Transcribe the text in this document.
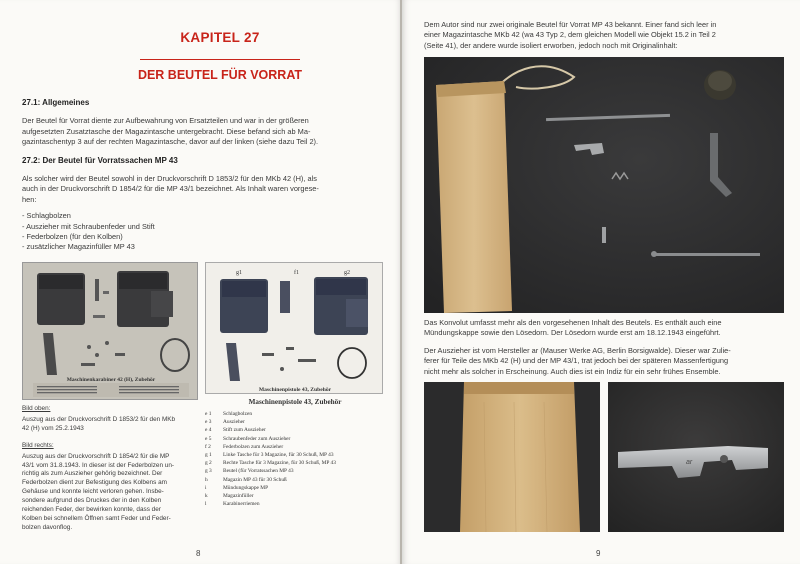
KAPITEL 27
DER BEUTEL FÜR VORRAT
27.1: Allgemeines
Der Beutel für Vorrat diente zur Aufbewahrung von Ersatzteilen und war in der größeren
aufgesetzten Zusatztasche der Magazintasche untergebracht. Diese befand sich ab Ma-
gazintaschentyp 3 auf der rechten Magazintasche, davor auf der linken (siehe dazu Teil 2).
27.2: Der Beutel für Vorratssachen MP 43
Als solcher wird der Beutel sowohl in der Druckvorschrift D 1853/2 für den MKb 42 (H), als
auch in der Druckvorschrift D 1854/2 für die MP 43/1 bezeichnet. Als Inhalt waren vorgese-
hen:
- Schlagbolzen
- Auszieher mit Schraubenfeder und Stift
- Federbolzen (für den Kolben)
- zusätzlicher Magazinfüller MP 43
Maschinenkarabiner 42 (H), Zubehör
g1	f1	g2
Maschinenpistole 43, Zubehör
Maschinenpistole 43, Zubehör
e 1	Schlagbolzen
e 3	Auszieher
e 4	Stift zum Auszieher
e 5	Schraubenfeder zum Auszieher
f 2	Federbolzen zum Auszieher
g 1	Linke Tasche für 3 Magazine, für 30 Schuß, MP 43
g 2	Rechte Tasche für 3 Magazine, für 30 Schuß, MP 43
g 3	Beutel (für Vorratssachen MP 43
h	Magazin MP 43 für 30 Schuß
i	Mündungskappe MP
k	Magazinfüller
l	Karabinerriemen
Bild oben:
Auszug aus der Druckvorschrift D 1853/2 für den MKb
42 (H) vom 25.2.1943
Bild rechts:
Auszug aus der Druckvorschrift D 1854/2 für die MP
43/1 vom 31.8.1943. In dieser ist der Federbolzen un-
richtig als zum Auszieher gehörig bezeichnet. Der
Federbolzen dient zur Befestigung des Kolbens am
Gehäuse und konnte leicht verloren gehen. Insbe-
sondere aufgrund des Druckes der in den Kolben
reichenden Feder, der bewirken konnte, dass der
Kolben bei schnellem Öffnen samt Feder und Feder-
bolzen davonflog.
8
Dem Autor sind nur zwei originale Beutel für Vorrat MP 43 bekannt. Einer fand sich leer in
einer Magazintasche MKb 42 (wa 43 Typ 2, dem gleichen Modell wie Objekt 15.2 in Teil 2
(Seite 41), der andere wurde isoliert erworben, jedoch noch mit Originalinhalt:
Das Konvolut umfasst mehr als den vorgesehenen Inhalt des Beutels. Es enthält auch eine
Mündungskappe sowie den Lösedorn. Der Lösedorn wurde erst am 18.12.1943 eingeführt.
Der Auszieher ist vom Hersteller ar (Mauser Werke AG, Berlin Borsigwalde). Dieser war Zulie-
ferer für Teile des MKb 42 (H) und der MP 43/1, trat jedoch bei der späteren Massenfertigung
nicht mehr als solcher in Erscheinung. Auch dies ist ein Indiz für ein sehr frühes Ensemble.
ar
9
